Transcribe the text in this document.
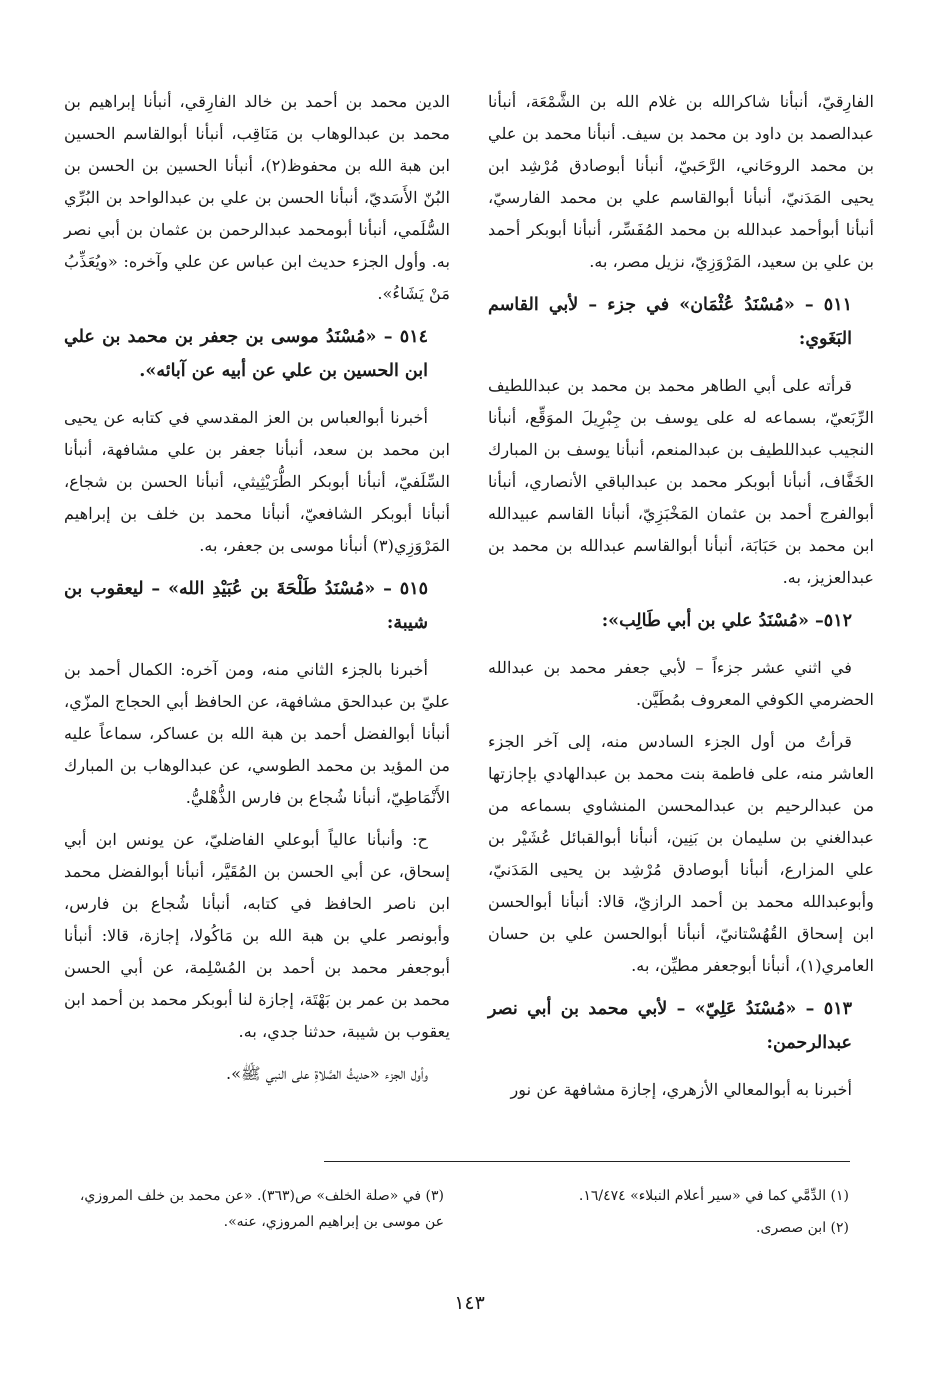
الفارِقيّ، أنبأنا شاكرالله بن غلام الله بن الشَّمْعَة، أنبأنا عبدالصمد بن داود بن محمد بن سيف. أنبأنا محمد بن علي بن محمد الروحَاني، الرَّحَبيّ، أنبأنا أبوصادق مُرْشِد ابن يحيى المَدَنيّ، أنبأنا أبوالقاسم علي بن محمد الفارسيّ، أنبأنا أبوأحمد عبدالله بن محمد المُفَسِّر، أنبأنا أبوبكر أحمد بن علي بن سعيد، المَرْوَزِيّ، نزيل مصر، به.

٥١١ – «مُسْنَدُ عُثْمَان» في جزء – لأبي القاسم البَغَوي:

قرأته على أبي الطاهر محمد بن محمد بن عبداللطيف الرِّبَعيّ، بسماعه له على يوسف بن جِبْرِيلَ الموَقِّع، أنبأنا النجيب عبداللطيف بن عبدالمنعم، أنبأنا يوسف بن المبارك الخَفَّاف، أنبأنا أبوبكر محمد بن عبدالباقي الأنصاري، أنبأنا أبوالفرج أحمد بن عثمان المَخْبَزِيّ، أنبأنا القاسم عبيدالله ابن محمد بن حَبَابَة، أنبأنا أبوالقاسم عبدالله بن محمد بن عبدالعزيز، به.

٥١٢– «مُسْنَدُ علي بن أبي طَالِب»:

في اثني عشر جزءاً – لأبي جعفر محمد بن عبدالله الحضرمي الكوفي المعروف بمُطَيَّن.

قرأتُ من أول الجزء السادس منه، إلى آخر الجزء العاشر منه، على فاطمة بنت محمد بن عبدالهادي بإجازتها من عبدالرحيم بن عبدالمحسن المنشاوي بسماعه من عبدالغني بن سليمان بن بَنِين، أنبأنا أبوالقبائل عُشَيْر بن علي المزارع، أنبأنا أبوصادق مُرْشِد بن يحيى المَدَنيّ، وأبوعبدالله محمد بن أحمد الرازيّ، قالا: أنبأنا أبوالحسن ابن إسحاق القُهُسْتانيّ، أنبأنا أبوالحسن علي بن حسان العامري(١)، أنبأنا أبوجعفر مطيِّن، به.

٥١٣ – «مُسْنَدُ عَلِيّ» – لأبي محمد بن أبي نصر عبدالرحمن:

أخبرنا به أبوالمعالي الأزهري، إجازة مشافهة عن نور

الدين محمد بن أحمد بن خالد الفارِقي، أنبأنا إبراهيم بن محمد بن عبدالوهاب بن مَنَاقِب، أنبأنا أبوالقاسم الحسين ابن هبة الله بن محفوظ(٢)، أنبأنا الحسين بن الحسن بن البُنّ الأَسَديّ، أنبأنا الحسن بن علي بن عبدالواحد بن البُرِّي السُّلَمي، أنبأنا أبومحمد عبدالرحمن بن عثمان بن أبي نصر به. وأول الجزء حديث ابن عباس عن علي وآخره: «ويُعَذِّبُ مَنْ يَشَاءُ».

٥١٤ – «مُسْنَدُ موسى بن جعفر بن محمد بن علي ابن الحسين بن علي عن أبيه عن آبائه».

أخبرنا أبوالعباس بن العز المقدسي في كتابه عن يحيى ابن محمد بن سعد، أنبأنا جعفر بن علي مشافهة، أنبأنا السِّلَفيّ، أنبأنا أبوبكر الطُّرَيْثِيثي، أنبأنا الحسن بن شجاع، أنبأنا أبوبكر الشافعيّ، أنبأنا محمد بن خلف بن إبراهيم المَرْوَزِي(٣) أنبأنا موسى بن جعفر، به.

٥١٥ – «مُسْنَدُ طَلْحَةَ بن عُبَيْدِ الله» – ليعقوب بن شيبة:

أخبرنا بالجزء الثاني منه، ومن آخره: الكمال أحمد بن عليّ بن عبدالحق مشافهة، عن الحافظ أبي الحجاج المزّي، أنبأنا أبوالفضل أحمد بن هبة الله بن عساكر، سماعاً عليه من المؤيد بن محمد الطوسي، عن عبدالوهاب بن المبارك الأَنْمَاطِيّ، أنبأنا شُجاع بن فارس الذُّهْليُّ.

ح: وأنبأنا عالياً أبوعلي الفاضليّ، عن يونس ابن أبي إسحاق، عن أبي الحسن بن المُقَيَّر، أنبأنا أبوالفضل محمد ابن ناصر الحافظ في كتابه، أنبأنا شُجاع بن فارس، وأبونصر علي بن هبة الله بن مَاكُولا، إجازة، قالا: أنبأنا أبوجعفر محمد بن أحمد بن المُسْلِمة، عن أبي الحسن محمد بن عمر بن بَهْتَة، إجازة لنا أبوبكر محمد بن أحمد ابن يعقوب بن شيبة، حدثنا جدي، به.

وأول الجزء «حديثُ الصَّلاةِ على النبي ﷺ».

(١) الدِّمَّي كما في «سير أعلام النبلاء» ١٦/٤٧٤.

(٢) ابن صصرى.

(٣) في «صلة الخلف» ص(٣٦٣). «عن محمد بن خلف المروزي، عن موسى بن إبراهيم المروزي، عنه».

١٤٣
